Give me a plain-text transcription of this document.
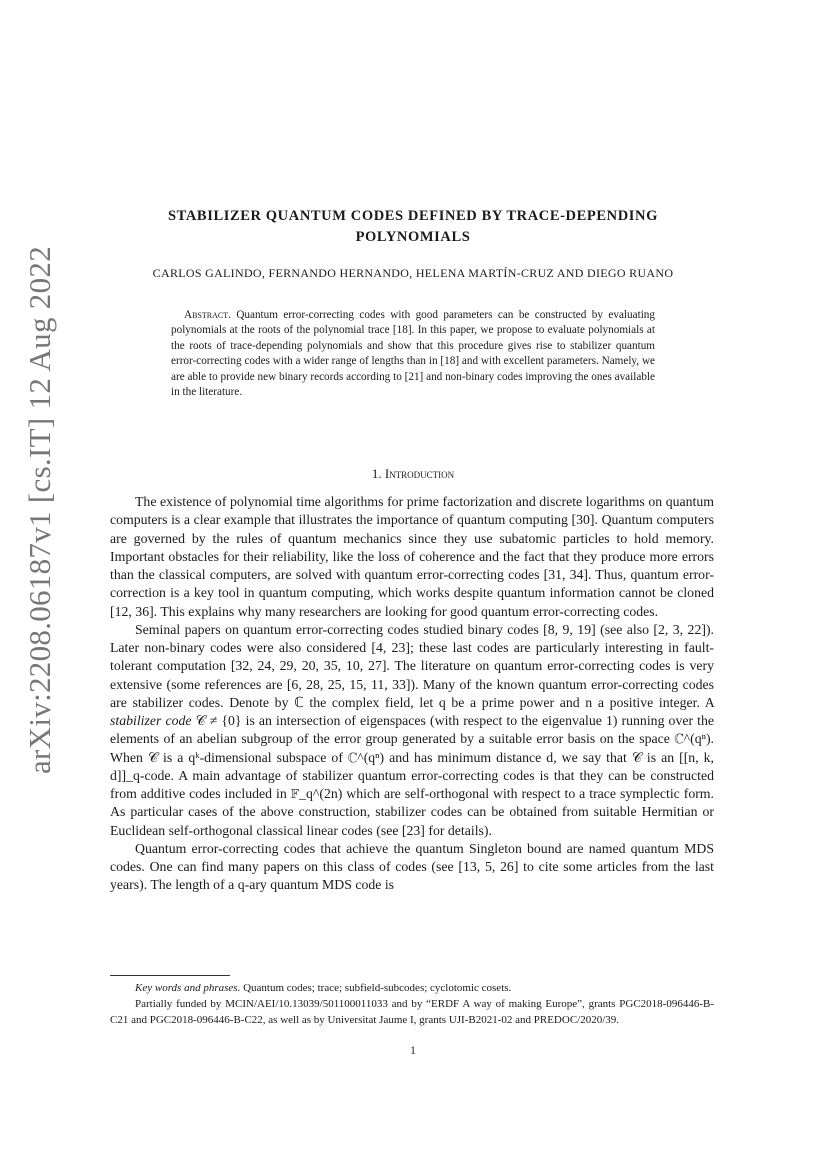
arXiv:2208.06187v1 [cs.IT] 12 Aug 2022
STABILIZER QUANTUM CODES DEFINED BY TRACE-DEPENDING POLYNOMIALS
CARLOS GALINDO, FERNANDO HERNANDO, HELENA MARTÍN-CRUZ AND DIEGO RUANO
Abstract. Quantum error-correcting codes with good parameters can be constructed by evaluating polynomials at the roots of the polynomial trace [18]. In this paper, we propose to evaluate polynomials at the roots of trace-depending polynomials and show that this procedure gives rise to stabilizer quantum error-correcting codes with a wider range of lengths than in [18] and with excellent parameters. Namely, we are able to provide new binary records according to [21] and non-binary codes improving the ones available in the literature.
1. Introduction

The existence of polynomial time algorithms for prime factorization and discrete logarithms on quantum computers is a clear example that illustrates the importance of quantum computing [30]. Quantum computers are governed by the rules of quantum mechanics since they use subatomic particles to hold memory. Important obstacles for their reliability, like the loss of coherence and the fact that they produce more errors than the classical computers, are solved with quantum error-correcting codes [31, 34]. Thus, quantum error-correction is a key tool in quantum computing, which works despite quantum information cannot be cloned [12, 36]. This explains why many researchers are looking for good quantum error-correcting codes.

Seminal papers on quantum error-correcting codes studied binary codes [8, 9, 19] (see also [2, 3, 22]). Later non-binary codes were also considered [4, 23]; these last codes are particularly interesting in fault-tolerant computation [32, 24, 29, 20, 35, 10, 27]. The literature on quantum error-correcting codes is very extensive (some references are [6, 28, 25, 15, 11, 33]). Many of the known quantum error-correcting codes are stabilizer codes. Denote by ℂ the complex field, let q be a prime power and n a positive integer. A stabilizer code 𝒞 ≠ {0} is an intersection of eigenspaces (with respect to the eigenvalue 1) running over the elements of an abelian subgroup of the error group generated by a suitable error basis on the space ℂ^(qⁿ). When 𝒞 is a qᵏ-dimensional subspace of ℂ^(qⁿ) and has minimum distance d, we say that 𝒞 is an [[n, k, d]]_q-code. A main advantage of stabilizer quantum error-correcting codes is that they can be constructed from additive codes included in 𝔽_q^(2n) which are self-orthogonal with respect to a trace symplectic form. As particular cases of the above construction, stabilizer codes can be obtained from suitable Hermitian or Euclidean self-orthogonal classical linear codes (see [23] for details).

Quantum error-correcting codes that achieve the quantum Singleton bound are named quantum MDS codes. One can find many papers on this class of codes (see [13, 5, 26] to cite some articles from the last years). The length of a q-ary quantum MDS code is

Key words and phrases. Quantum codes; trace; subfield-subcodes; cyclotomic cosets.

Partially funded by MCIN/AEI/10.13039/501100011033 and by “ERDF A way of making Europe”, grants PGC2018-096446-B-C21 and PGC2018-096446-B-C22, as well as by Universitat Jaume I, grants UJI-B2021-02 and PREDOC/2020/39.

1
